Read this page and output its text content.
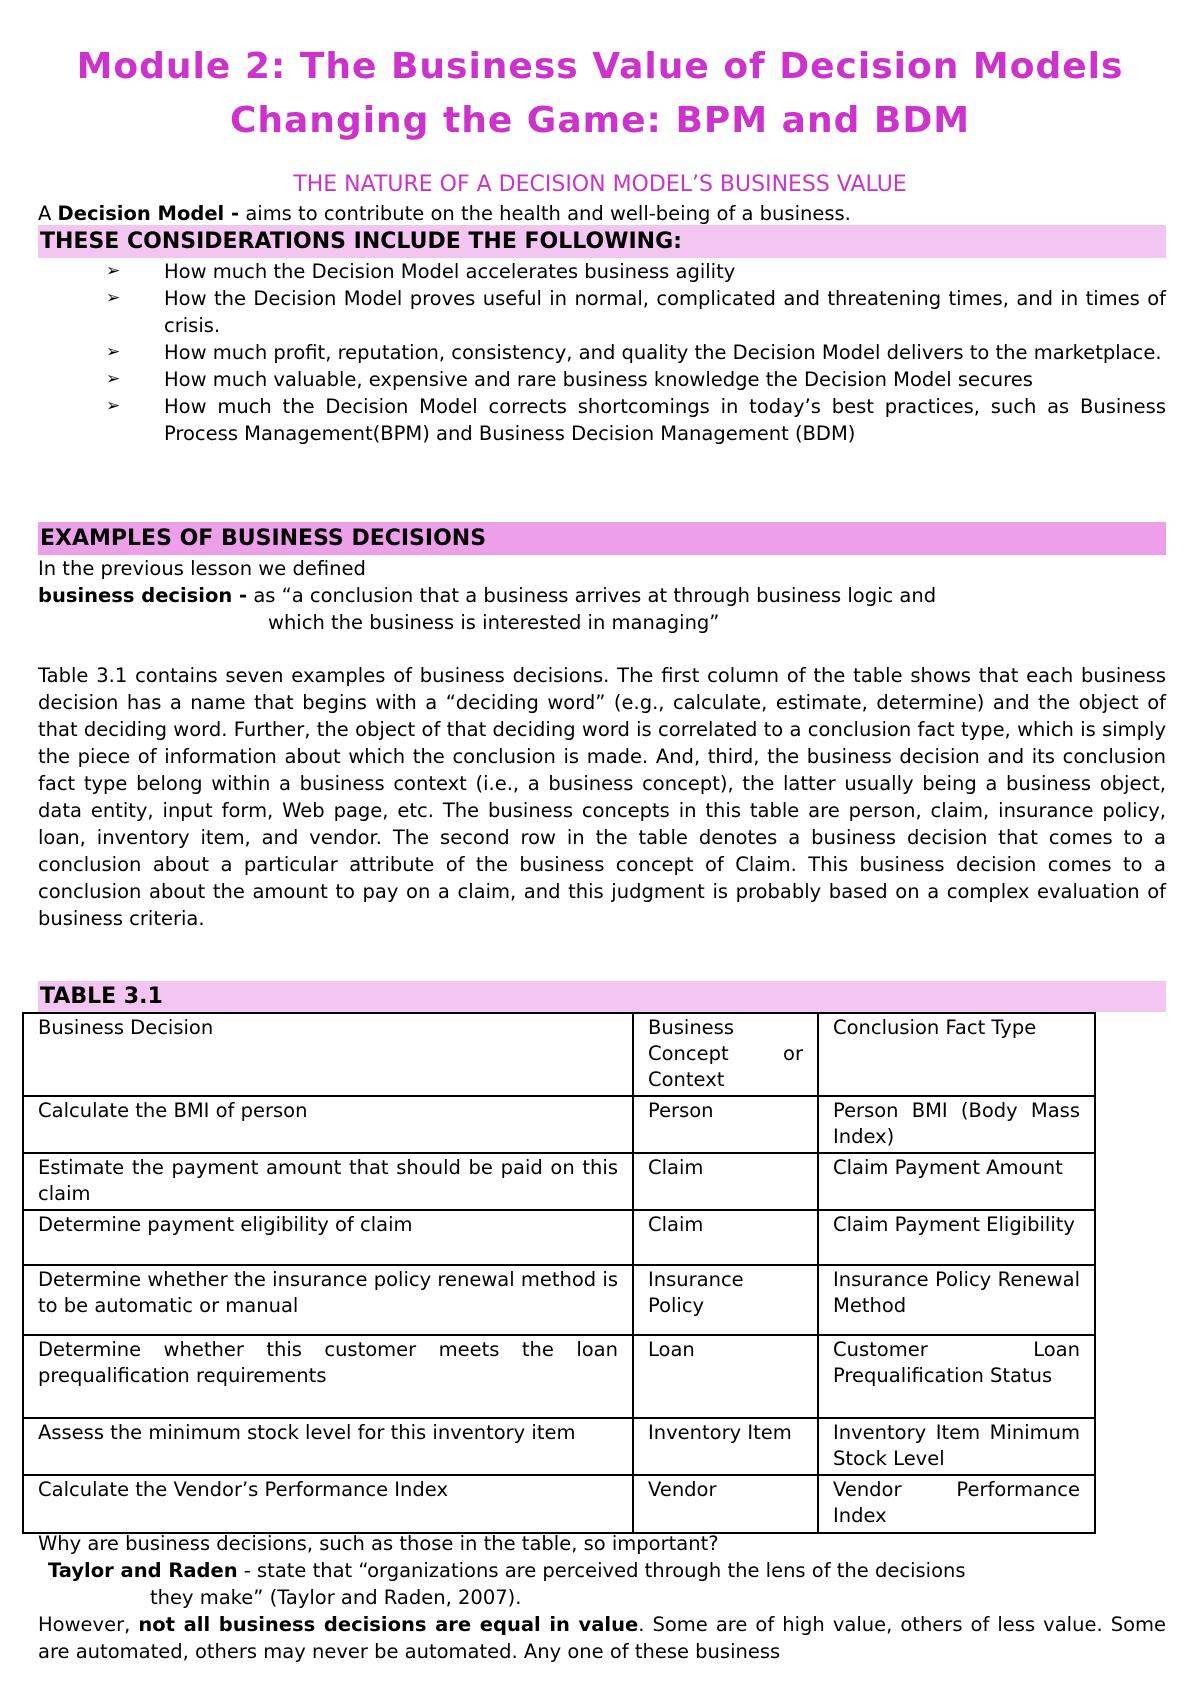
Module 2: The Business Value of Decision Models
Changing the Game: BPM and BDM
THE NATURE OF A DECISION MODEL’S BUSINESS VALUE
A Decision Model - aims to contribute on the health and well-being of a business.
THESE CONSIDERATIONS INCLUDE THE FOLLOWING:
➢ How much the Decision Model accelerates business agility
➢ How the Decision Model proves useful in normal, complicated and threatening times, and in times of crisis.
➢ How much profit, reputation, consistency, and quality the Decision Model delivers to the marketplace.
➢ How much valuable, expensive and rare business knowledge the Decision Model secures
➢ How much the Decision Model corrects shortcomings in today’s best practices, such as Business Process Management(BPM) and Business Decision Management (BDM)
EXAMPLES OF BUSINESS DECISIONS
In the previous lesson we defined
business decision - as “a conclusion that a business arrives at through business logic and
which the business is interested in managing”
Table 3.1 contains seven examples of business decisions. The first column of the table shows that each business decision has a name that begins with a “deciding word” (e.g., calculate, estimate, determine) and the object of that deciding word. Further, the object of that deciding word is correlated to a conclusion fact type, which is simply the piece of information about which the conclusion is made. And, third, the business decision and its conclusion fact type belong within a business context (i.e., a business concept), the latter usually being a business object, data entity, input form, Web page, etc. The business concepts in this table are person, claim, insurance policy, loan, inventory item, and vendor. The second row in the table denotes a business decision that comes to a conclusion about a particular attribute of the business concept of Claim. This business decision comes to a conclusion about the amount to pay on a claim, and this judgment is probably based on a complex evaluation of business criteria.
TABLE 3.1
Business Decision	Business Concept or Context	Conclusion Fact Type
Calculate the BMI of person	Person	Person BMI (Body Mass Index)
Estimate the payment amount that should be paid on this claim	Claim	Claim Payment Amount
Determine payment eligibility of claim	Claim	Claim Payment Eligibility
Determine whether the insurance policy renewal method is to be automatic or manual	Insurance Policy	Insurance Policy Renewal Method
Determine whether this customer meets the loan prequalification requirements	Loan	Customer Loan Prequalification Status
Assess the minimum stock level for this inventory item	Inventory Item	Inventory Item Minimum Stock Level
Calculate the Vendor’s Performance Index	Vendor	Vendor Performance Index
Why are business decisions, such as those in the table, so important?
Taylor and Raden - state that “organizations are perceived through the lens of the decisions
they make” (Taylor and Raden, 2007).
However, not all business decisions are equal in value. Some are of high value, others of less value. Some are automated, others may never be automated. Any one of these business
